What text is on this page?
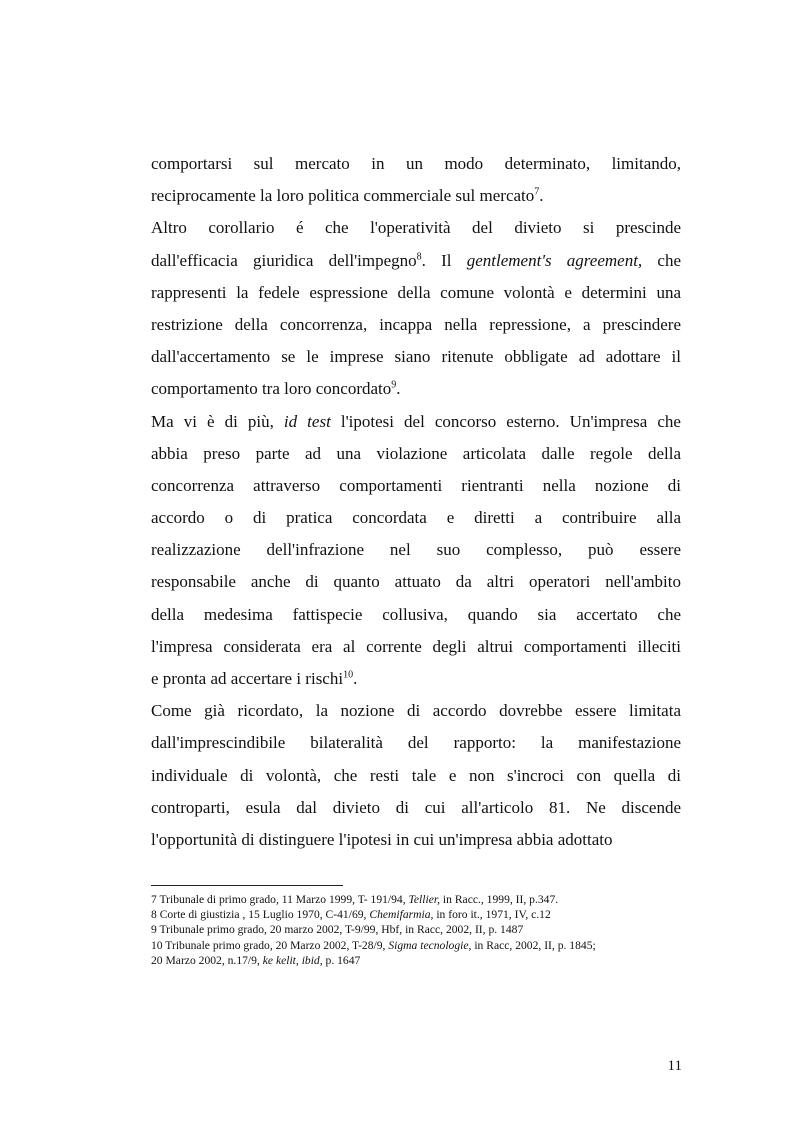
comportarsi sul mercato in un modo determinato, limitando,
reciprocamente la loro politica commerciale sul mercato$^7$.

Altro corollario é che l'operatività del divieto si prescinde
dall'efficacia giuridica dell'impegno$^8$. Il gentlement's agreement, che
rappresenti la fedele espressione della comune volontà e determini una
restrizione della concorrenza, incappa nella repressione, a prescindere
dall'accertamento se le imprese siano ritenute obbligate ad adottare il
comportamento tra loro concordato$^9$.

Ma vi è di più, id test l'ipotesi del concorso esterno. Un'impresa che
abbia preso parte ad una violazione articolata dalle regole della
concorrenza attraverso comportamenti rientranti nella nozione di
accordo o di pratica concordata e diretti a contribuire alla
realizzazione dell'infrazione nel suo complesso, può essere
responsabile anche di quanto attuato da altri operatori nell'ambito
della medesima fattispecie collusiva, quando sia accertato che
l'impresa considerata era al corrente degli altrui comportamenti illeciti
e pronta ad accertare i rischi$^{10}$.

Come già ricordato, la nozione di accordo dovrebbe essere limitata
dall'imprescindibile bilateralità del rapporto: la manifestazione
individuale di volontà, che resti tale e non s'incroci con quella di
controparti, esula dal divieto di cui all'articolo 81. Ne discende
l'opportunità di distinguere l'ipotesi in cui un'impresa abbia adottato

7 Tribunale di primo grado, 11 Marzo 1999, T- 191/94, Tellier, in Racc., 1999, II, p.347.
8 Corte di giustizia , 15 Luglio 1970, C-41/69, Chemifarmia, in foro it., 1971, IV, c.12
9 Tribunale primo grado, 20 marzo 2002, T-9/99, Hbf, in Racc, 2002, II, p. 1487
10 Tribunale primo grado, 20 Marzo 2002, T-28/9, Sigma tecnologie, in Racc, 2002, II, p. 1845;
20 Marzo 2002, n.17/9, ke kelit, ibid, p. 1647
11
